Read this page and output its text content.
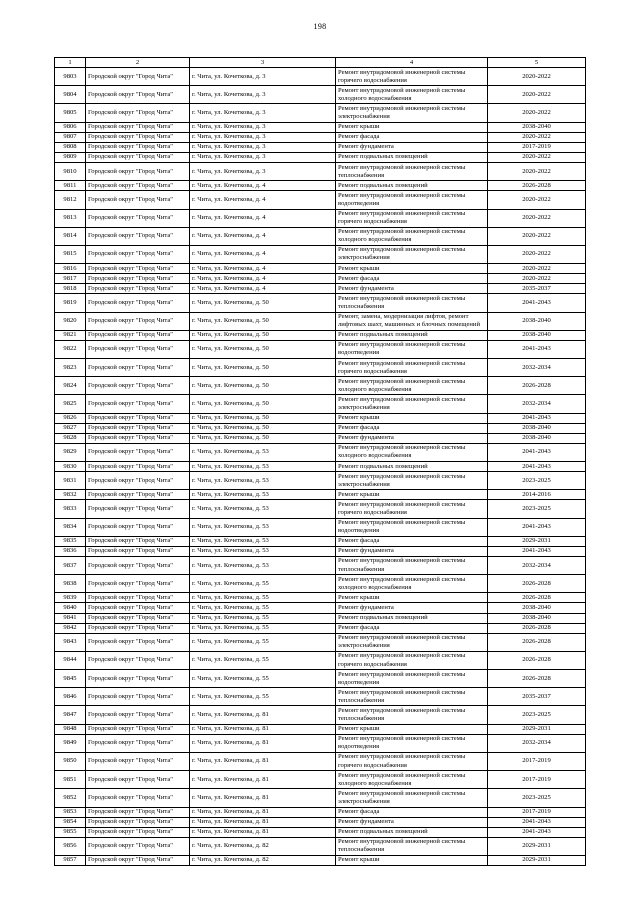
198
1	2	3	4	5
9803	Городской округ "Город Чита"	г. Чита, ул. Кочеткова, д. 3	Ремонт внутридомовой инженерной системы горячего водоснабжения	2020-2022
9804	Городской округ "Город Чита"	г. Чита, ул. Кочеткова, д. 3	Ремонт внутридомовой инженерной системы холодного водоснабжения	2020-2022
9805	Городской округ "Город Чита"	г. Чита, ул. Кочеткова, д. 3	Ремонт внутридомовой инженерной системы электроснабжения	2020-2022
9806	Городской округ "Город Чита"	г. Чита, ул. Кочеткова, д. 3	Ремонт крыши	2038-2040
9807	Городской округ "Город Чита"	г. Чита, ул. Кочеткова, д. 3	Ремонт фасада	2020-2022
9808	Городской округ "Город Чита"	г. Чита, ул. Кочеткова, д. 3	Ремонт фундамента	2017-2019
9809	Городской округ "Город Чита"	г. Чита, ул. Кочеткова, д. 3	Ремонт подвальных помещений	2020-2022
9810	Городской округ "Город Чита"	г. Чита, ул. Кочеткова, д. 3	Ремонт внутридомовой инженерной системы теплоснабжения	2020-2022
9811	Городской округ "Город Чита"	г. Чита, ул. Кочеткова, д. 4	Ремонт подвальных помещений	2026-2028
9812	Городской округ "Город Чита"	г. Чита, ул. Кочеткова, д. 4	Ремонт внутридомовой инженерной системы водоотведения	2020-2022
9813	Городской округ "Город Чита"	г. Чита, ул. Кочеткова, д. 4	Ремонт внутридомовой инженерной системы горячего водоснабжения	2020-2022
9814	Городской округ "Город Чита"	г. Чита, ул. Кочеткова, д. 4	Ремонт внутридомовой инженерной системы холодного водоснабжения	2020-2022
9815	Городской округ "Город Чита"	г. Чита, ул. Кочеткова, д. 4	Ремонт внутридомовой инженерной системы электроснабжения	2020-2022
9816	Городской округ "Город Чита"	г. Чита, ул. Кочеткова, д. 4	Ремонт крыши	2020-2022
9817	Городской округ "Город Чита"	г. Чита, ул. Кочеткова, д. 4	Ремонт фасада	2020-2022
9818	Городской округ "Город Чита"	г. Чита, ул. Кочеткова, д. 4	Ремонт фундамента	2035-2037
9819	Городской округ "Город Чита"	г. Чита, ул. Кочеткова, д. 50	Ремонт внутридомовой инженерной системы теплоснабжения	2041-2043
9820	Городской округ "Город Чита"	г. Чита, ул. Кочеткова, д. 50	Ремонт, замена, модернизация лифтов, ремонт лифтовых шахт, машинных и блочных помещений	2038-2040
9821	Городской округ "Город Чита"	г. Чита, ул. Кочеткова, д. 50	Ремонт подвальных помещений	2038-2040
9822	Городской округ "Город Чита"	г. Чита, ул. Кочеткова, д. 50	Ремонт внутридомовой инженерной системы водоотведения	2041-2043
9823	Городской округ "Город Чита"	г. Чита, ул. Кочеткова, д. 50	Ремонт внутридомовой инженерной системы горячего водоснабжения	2032-2034
9824	Городской округ "Город Чита"	г. Чита, ул. Кочеткова, д. 50	Ремонт внутридомовой инженерной системы холодного водоснабжения	2026-2028
9825	Городской округ "Город Чита"	г. Чита, ул. Кочеткова, д. 50	Ремонт внутридомовой инженерной системы электроснабжения	2032-2034
9826	Городской округ "Город Чита"	г. Чита, ул. Кочеткова, д. 50	Ремонт крыши	2041-2043
9827	Городской округ "Город Чита"	г. Чита, ул. Кочеткова, д. 50	Ремонт фасада	2038-2040
9828	Городской округ "Город Чита"	г. Чита, ул. Кочеткова, д. 50	Ремонт фундамента	2038-2040
9829	Городской округ "Город Чита"	г. Чита, ул. Кочеткова, д. 53	Ремонт внутридомовой инженерной системы холодного водоснабжения	2041-2043
9830	Городской округ "Город Чита"	г. Чита, ул. Кочеткова, д. 53	Ремонт подвальных помещений	2041-2043
9831	Городской округ "Город Чита"	г. Чита, ул. Кочеткова, д. 53	Ремонт внутридомовой инженерной системы электроснабжения	2023-2025
9832	Городской округ "Город Чита"	г. Чита, ул. Кочеткова, д. 53	Ремонт крыши	2014-2016
9833	Городской округ "Город Чита"	г. Чита, ул. Кочеткова, д. 53	Ремонт внутридомовой инженерной системы горячего водоснабжения	2023-2025
9834	Городской округ "Город Чита"	г. Чита, ул. Кочеткова, д. 53	Ремонт внутридомовой инженерной системы водоотведения	2041-2043
9835	Городской округ "Город Чита"	г. Чита, ул. Кочеткова, д. 53	Ремонт фасада	2029-2031
9836	Городской округ "Город Чита"	г. Чита, ул. Кочеткова, д. 53	Ремонт фундамента	2041-2043
9837	Городской округ "Город Чита"	г. Чита, ул. Кочеткова, д. 53	Ремонт внутридомовой инженерной системы теплоснабжения	2032-2034
9838	Городской округ "Город Чита"	г. Чита, ул. Кочеткова, д. 55	Ремонт внутридомовой инженерной системы холодного водоснабжения	2026-2028
9839	Городской округ "Город Чита"	г. Чита, ул. Кочеткова, д. 55	Ремонт крыши	2026-2028
9840	Городской округ "Город Чита"	г. Чита, ул. Кочеткова, д. 55	Ремонт фундамента	2038-2040
9841	Городской округ "Город Чита"	г. Чита, ул. Кочеткова, д. 55	Ремонт подвальных помещений	2038-2040
9842	Городской округ "Город Чита"	г. Чита, ул. Кочеткова, д. 55	Ремонт фасада	2026-2028
9843	Городской округ "Город Чита"	г. Чита, ул. Кочеткова, д. 55	Ремонт внутридомовой инженерной системы электроснабжения	2026-2028
9844	Городской округ "Город Чита"	г. Чита, ул. Кочеткова, д. 55	Ремонт внутридомовой инженерной системы горячего водоснабжения	2026-2028
9845	Городской округ "Город Чита"	г. Чита, ул. Кочеткова, д. 55	Ремонт внутридомовой инженерной системы водоотведения	2026-2028
9846	Городской округ "Город Чита"	г. Чита, ул. Кочеткова, д. 55	Ремонт внутридомовой инженерной системы теплоснабжения	2035-2037
9847	Городской округ "Город Чита"	г. Чита, ул. Кочеткова, д. 81	Ремонт внутридомовой инженерной системы теплоснабжения	2023-2025
9848	Городской округ "Город Чита"	г. Чита, ул. Кочеткова, д. 81	Ремонт крыши	2029-2031
9849	Городской округ "Город Чита"	г. Чита, ул. Кочеткова, д. 81	Ремонт внутридомовой инженерной системы водоотведения	2032-2034
9850	Городской округ "Город Чита"	г. Чита, ул. Кочеткова, д. 81	Ремонт внутридомовой инженерной системы горячего водоснабжения	2017-2019
9851	Городской округ "Город Чита"	г. Чита, ул. Кочеткова, д. 81	Ремонт внутридомовой инженерной системы холодного водоснабжения	2017-2019
9852	Городской округ "Город Чита"	г. Чита, ул. Кочеткова, д. 81	Ремонт внутридомовой инженерной системы электроснабжения	2023-2025
9853	Городской округ "Город Чита"	г. Чита, ул. Кочеткова, д. 81	Ремонт фасада	2017-2019
9854	Городской округ "Город Чита"	г. Чита, ул. Кочеткова, д. 81	Ремонт фундамента	2041-2043
9855	Городской округ "Город Чита"	г. Чита, ул. Кочеткова, д. 81	Ремонт подвальных помещений	2041-2043
9856	Городской округ "Город Чита"	г. Чита, ул. Кочеткова, д. 82	Ремонт внутридомовой инженерной системы теплоснабжения	2029-2031
9857	Городской округ "Город Чита"	г. Чита, ул. Кочеткова, д. 82	Ремонт крыши	2029-2031
